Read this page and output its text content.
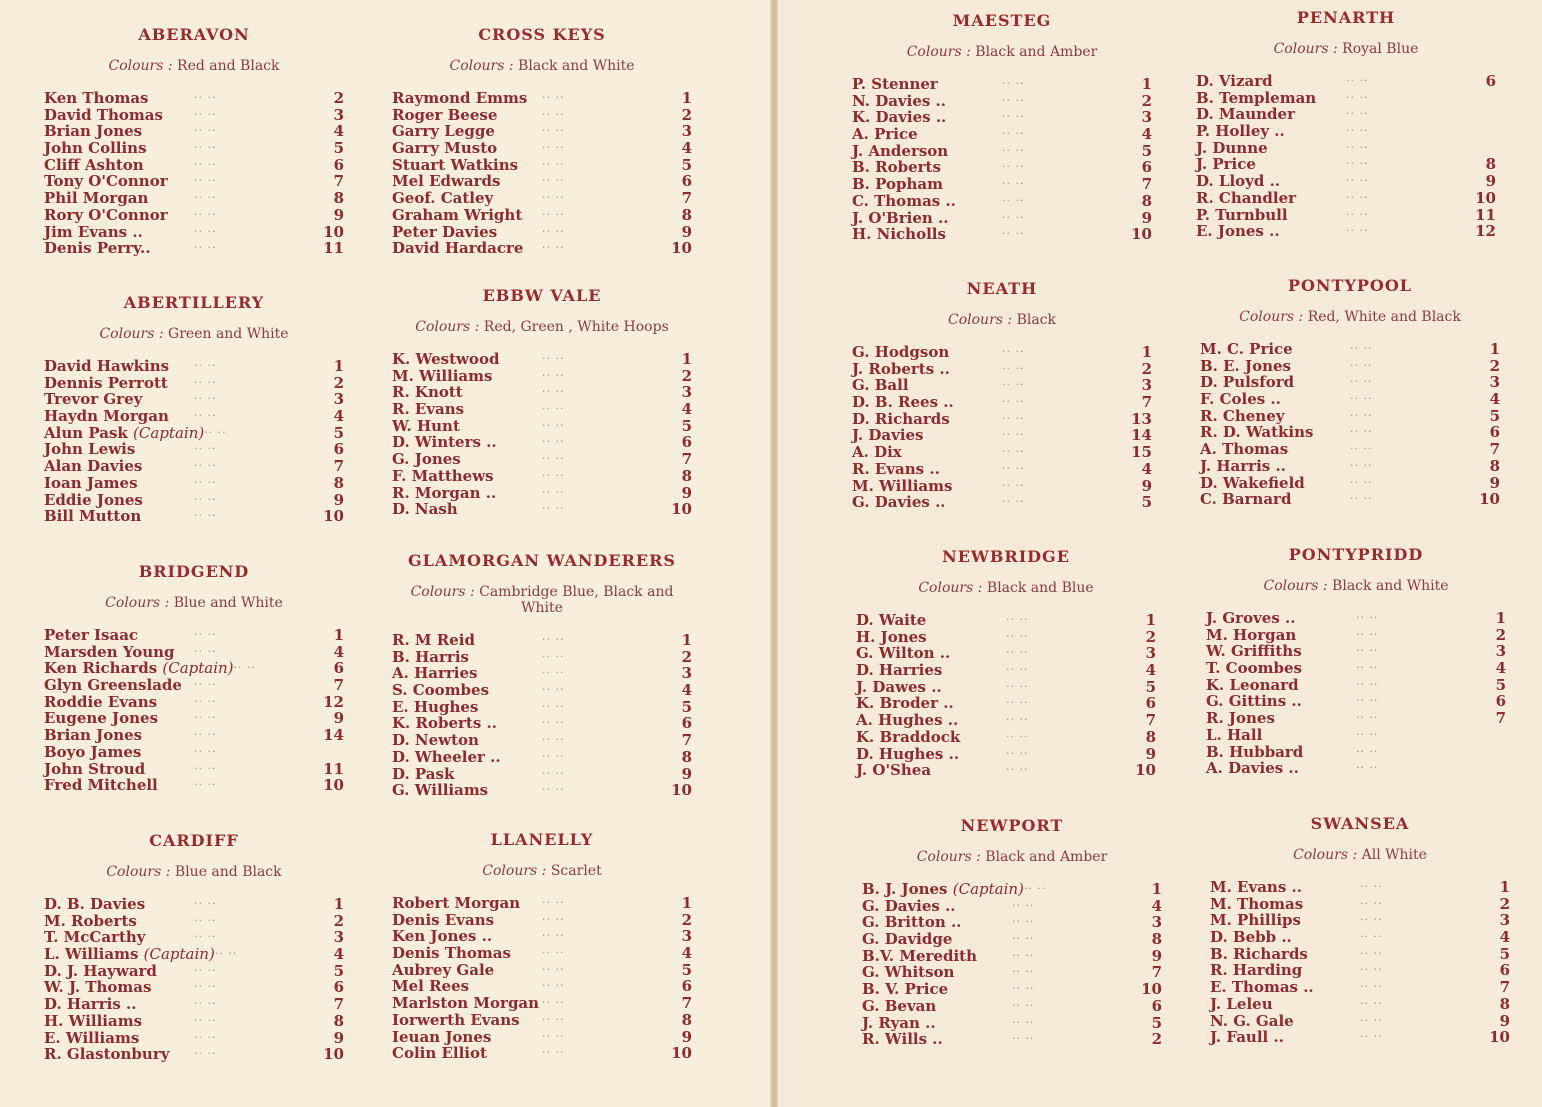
ABERAVON
Colours : Red and Black
Ken Thomas	·· ··	2
David Thomas	·· ··	3
Brian Jones	·· ··	4
John Collins	·· ··	5
Cliff Ashton	·· ··	6
Tony O'Connor	·· ··	7
Phil Morgan	·· ··	8
Rory O'Connor	·· ··	9
Jim Evans ..	·· ··	10
Denis Perry..	·· ··	11
ABERTILLERY
Colours : Green and White
David Hawkins	·· ··	1
Dennis Perrott	·· ··	2
Trevor Grey	·· ··	3
Haydn Morgan	·· ··	4
Alun Pask (Captain) ·· ··	5
John Lewis	·· ··	6
Alan Davies	·· ··	7
Ioan James	·· ··	8
Eddie Jones	·· ··	9
Bill Mutton	·· ··	10
BRIDGEND
Colours : Blue and White
Peter Isaac	·· ··	1
Marsden Young	·· ··	4
Ken Richards (Captain) ·· ··	6
Glyn Greenslade	·· ··	7
Roddie Evans	·· ··	12
Eugene Jones	·· ··	9
Brian Jones	·· ··	14
Boyo James	·· ··
John Stroud	·· ··	11
Fred Mitchell	·· ··	10
CARDIFF
Colours : Blue and Black
D. B. Davies	·· ··	1
M. Roberts	·· ··	2
T. McCarthy	·· ··	3
L. Williams (Captain) ·· ··	4
D. J. Hayward	·· ··	5
W. J. Thomas	·· ··	6
D. Harris ..	·· ··	7
H. Williams	·· ··	8
E. Williams	·· ··	9
R. Glastonbury	·· ··	10
CROSS KEYS
Colours : Black and White
Raymond Emms	·· ··	1
Roger Beese	·· ··	2
Garry Legge	·· ··	3
Garry Musto	·· ··	4
Stuart Watkins	·· ··	5
Mel Edwards	·· ··	6
Geof. Catley	·· ··	7
Graham Wright	·· ··	8
Peter Davies	·· ··	9
David Hardacre	·· ··	10
EBBW VALE
Colours : Red, Green , White Hoops
K. Westwood	·· ··	1
M. Williams	·· ··	2
R. Knott	·· ··	3
R. Evans	·· ··	4
W. Hunt	·· ··	5
D. Winters ..	·· ··	6
G. Jones	·· ··	7
F. Matthews	·· ··	8
R. Morgan ..	·· ··	9
D. Nash	·· ··	10
GLAMORGAN WANDERERS
Colours : Cambridge Blue, Black and White
R. M Reid	·· ··	1
B. Harris	·· ··	2
A. Harries	·· ··	3
S. Coombes	·· ··	4
E. Hughes	·· ··	5
K. Roberts ..	·· ··	6
D. Newton	·· ··	7
D. Wheeler ..	·· ··	8
D. Pask	·· ··	9
G. Williams	·· ··	10
LLANELLY
Colours : Scarlet
Robert Morgan	·· ··	1
Denis Evans	·· ··	2
Ken Jones ..	·· ··	3
Denis Thomas	·· ··	4
Aubrey Gale	·· ··	5
Mel Rees	·· ··	6
Marlston Morgan ·· ··	7
Iorwerth Evans	·· ··	8
Ieuan Jones	·· ··	9
Colin Elliot	·· ··	10
MAESTEG
Colours : Black and Amber
P. Stenner	·· ··	1
N. Davies ..	·· ··	2
K. Davies ..	·· ··	3
A. Price	·· ··	4
J. Anderson	·· ··	5
B. Roberts	·· ··	6
B. Popham	·· ··	7
C. Thomas ..	·· ··	8
J. O'Brien ..	·· ··	9
H. Nicholls	·· ··	10
NEATH
Colours : Black
G. Hodgson	·· ··	1
J. Roberts ..	·· ··	2
G. Ball	·· ··	3
D. B. Rees ..	·· ··	7
D. Richards	·· ··	13
J. Davies	·· ··	14
A. Dix	·· ··	15
R. Evans ..	·· ··	4
M. Williams	·· ··	9
G. Davies ..	·· ··	5
NEWBRIDGE
Colours : Black and Blue
D. Waite	·· ··	1
H. Jones	·· ··	2
G. Wilton ..	·· ··	3
D. Harries	·· ··	4
J. Dawes ..	·· ··	5
K. Broder ..	·· ··	6
A. Hughes ..	·· ··	7
K. Braddock	·· ··	8
D. Hughes ..	·· ··	9
J. O'Shea	·· ··	10
NEWPORT
Colours : Black and Amber
B. J. Jones (Captain) ·· ··	1
G. Davies ..	·· ··	4
G. Britton ..	·· ··	3
G. Davidge	·· ··	8
B.V. Meredith	·· ··	9
G. Whitson	·· ··	7
B. V. Price	·· ··	10
G. Bevan	·· ··	6
J. Ryan ..	·· ··	5
R. Wills ..	·· ··	2
PENARTH
Colours : Royal Blue
D. Vizard	·· ··	6
B. Templeman	·· ··
D. Maunder	·· ··
P. Holley ..	·· ··
J. Dunne	·· ··
J. Price	·· ··	8
D. Lloyd ..	·· ··	9
R. Chandler	·· ··	10
P. Turnbull	·· ··	11
E. Jones ..	·· ··	12
PONTYPOOL
Colours : Red, White and Black
M. C. Price	·· ··	1
B. E. Jones	·· ··	2
D. Pulsford	·· ··	3
F. Coles ..	·· ··	4
R. Cheney	·· ··	5
R. D. Watkins	·· ··	6
A. Thomas	·· ··	7
J. Harris ..	·· ··	8
D. Wakefield	·· ··	9
C. Barnard	·· ··	10
PONTYPRIDD
Colours : Black and White
J. Groves ..	·· ··	1
M. Horgan	·· ··	2
W. Griffiths	·· ··	3
T. Coombes	·· ··	4
K. Leonard	·· ··	5
G. Gittins ..	·· ··	6
R. Jones	·· ··	7
L. Hall	·· ··
B. Hubbard	·· ··
A. Davies ..	·· ··
SWANSEA
Colours : All White
M. Evans ..	·· ··	1
M. Thomas	·· ··	2
M. Phillips	·· ··	3
D. Bebb ..	·· ··	4
B. Richards	·· ··	5
R. Harding	·· ··	6
E. Thomas ..	·· ··	7
J. Leleu	·· ··	8
N. G. Gale	·· ··	9
J. Faull ..	·· ··	10
